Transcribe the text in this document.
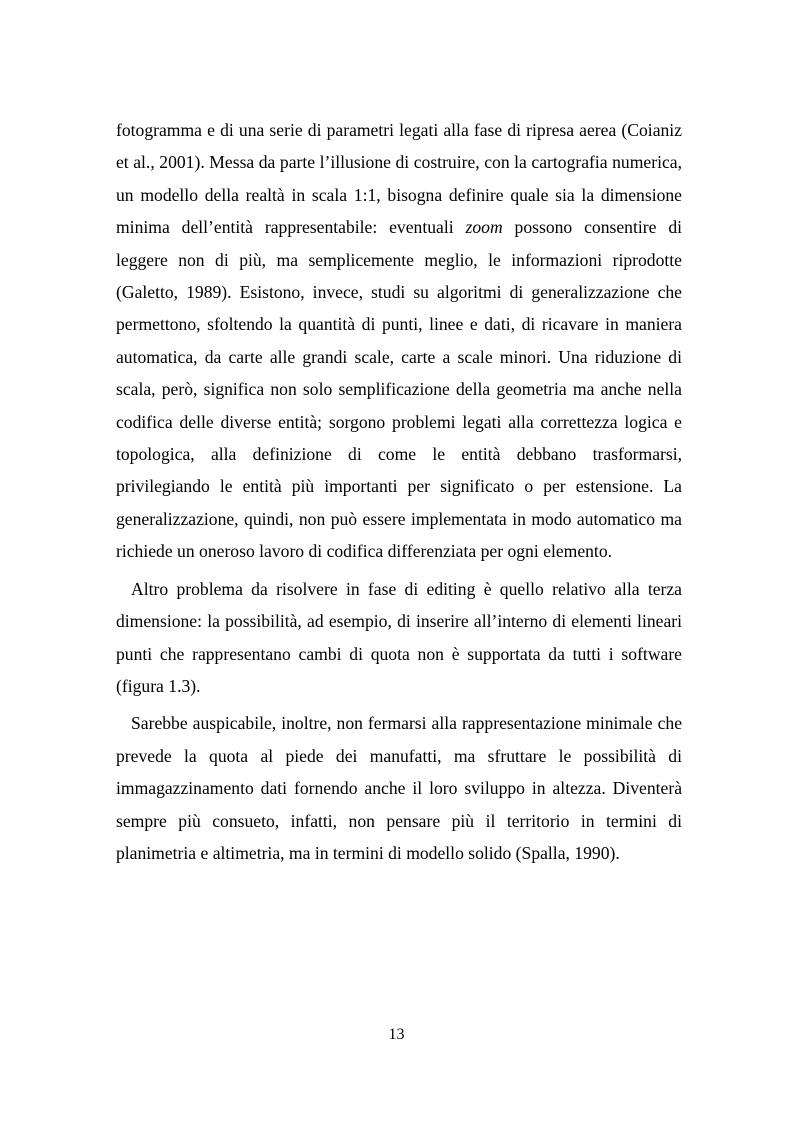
fotogramma e di una serie di parametri legati alla fase di ripresa aerea (Coianiz et al., 2001). Messa da parte l’illusione di costruire, con la cartografia numerica, un modello della realtà in scala 1:1, bisogna definire quale sia la dimensione minima dell’entità rappresentabile: eventuali zoom possono consentire di leggere non di più, ma semplicemente meglio, le informazioni riprodotte (Galetto, 1989). Esistono, invece, studi su algoritmi di generalizzazione che permettono, sfoltendo la quantità di punti, linee e dati, di ricavare in maniera automatica, da carte alle grandi scale, carte a scale minori. Una riduzione di scala, però, significa non solo semplificazione della geometria ma anche nella codifica delle diverse entità; sorgono problemi legati alla correttezza logica e topologica, alla definizione di come le entità debbano trasformarsi, privilegiando le entità più importanti per significato o per estensione. La generalizzazione, quindi, non può essere implementata in modo automatico ma richiede un oneroso lavoro di codifica differenziata per ogni elemento.

Altro problema da risolvere in fase di editing è quello relativo alla terza dimensione: la possibilità, ad esempio, di inserire all’interno di elementi lineari punti che rappresentano cambi di quota non è supportata da tutti i software (figura 1.3).

Sarebbe auspicabile, inoltre, non fermarsi alla rappresentazione minimale che prevede la quota al piede dei manufatti, ma sfruttare le possibilità di immagazzinamento dati fornendo anche il loro sviluppo in altezza. Diventerà sempre più consueto, infatti, non pensare più il territorio in termini di planimetria e altimetria, ma in termini di modello solido (Spalla, 1990).

13
